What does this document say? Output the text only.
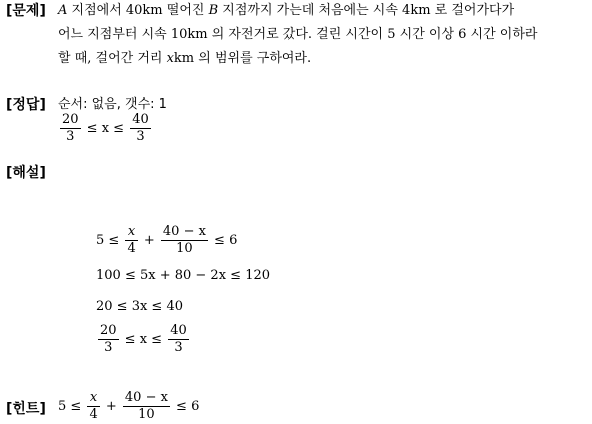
[문제] A 지점에서 40km 떨어진 B 지점까지 가는데 처음에는 시속 4km 로 걸어가다가
어느 지점부터 시속 10km 의 자전거로 갔다. 걸린 시간이 5 시간 이상 6 시간 이하라
할 때, 걸어간 거리 xkm 의 범위를 구하여라.
[정답] 순서: 없음, 갯수: 1
$\frac{20}{3} \le x \le \frac{40}{3}$
[해설]
$5 \le \frac{x}{4} + \frac{40 - x}{10} \le 6$
100 ≤ 5x + 80 − 2x ≤ 120
20 ≤ 3x ≤ 40
$\frac{20}{3} \le x \le \frac{40}{3}$
[힌트] $5 \le \frac{x}{4} + \frac{40 - x}{10} \le 6$
